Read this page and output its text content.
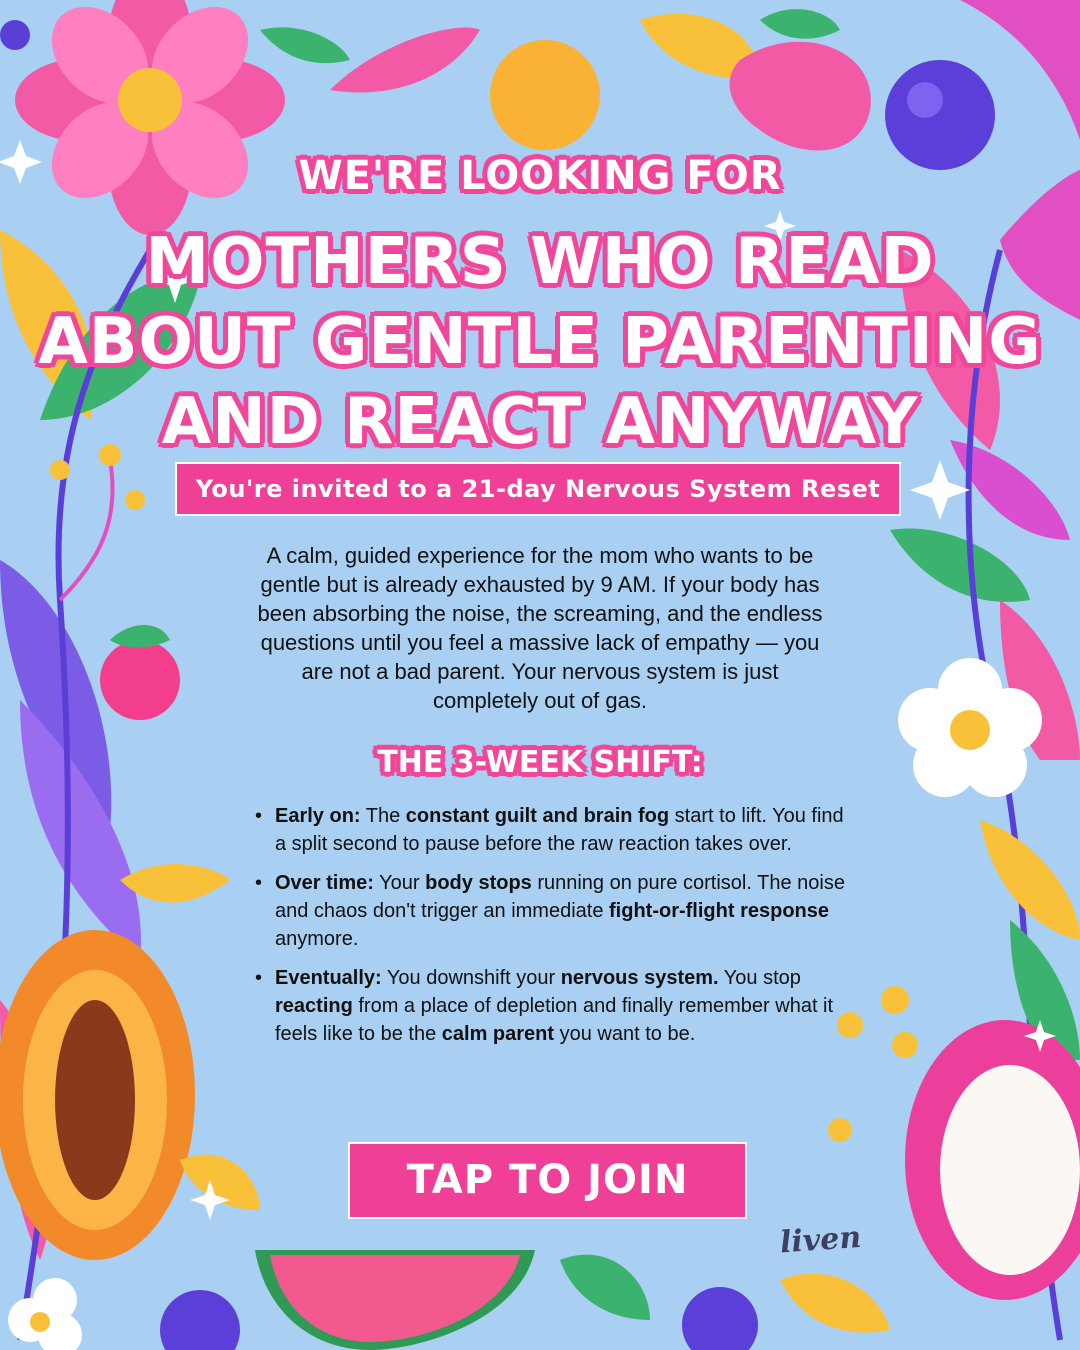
WE'RE LOOKING FOR
MOTHERS WHO READ
ABOUT GENTLE PARENTING
AND REACT ANYWAY
You're invited to a 21-day Nervous System Reset
A calm, guided experience for the mom who wants to be
gentle but is already exhausted by 9 AM. If your body has
been absorbing the noise, the screaming, and the endless
questions until you feel a massive lack of empathy — you
are not a bad parent. Your nervous system is just
completely out of gas.
THE 3-WEEK SHIFT:
• Early on: The constant guilt and brain fog start to lift. You find a split second to pause before the raw reaction takes over.
• Over time: Your body stops running on pure cortisol. The noise and chaos don't trigger an immediate fight-or-flight response anymore.
• Eventually: You downshift your nervous system. You stop reacting from a place of depletion and finally remember what it feels like to be the calm parent you want to be.
TAP TO JOIN
liven
